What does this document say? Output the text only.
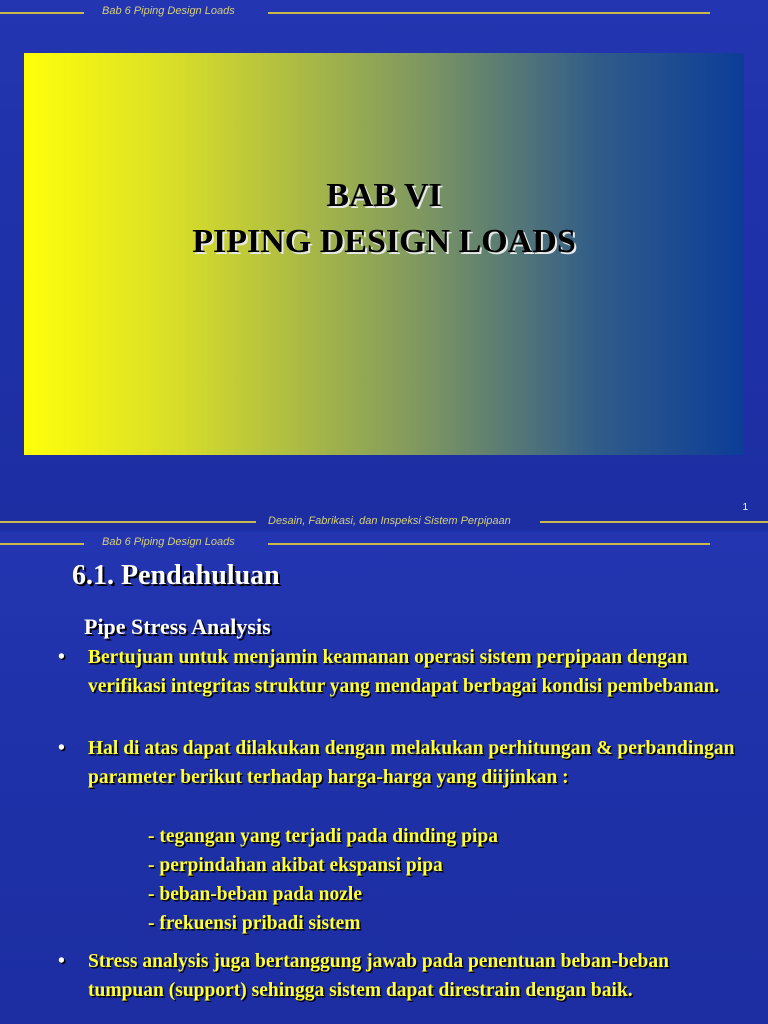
Bab 6 Piping Design Loads
BAB VI
PIPING DESIGN LOADS
1
Desain, Fabrikasi, dan Inspeksi Sistem Perpipaan
Bab 6 Piping Design Loads
6.1. Pendahuluan
Pipe Stress Analysis
•	Bertujuan untuk menjamin keamanan operasi sistem perpipaan dengan verifikasi integritas struktur yang mendapat berbagai kondisi pembebanan.
•	Hal di atas dapat dilakukan dengan melakukan perhitungan & perbandingan parameter berikut terhadap harga-harga yang diijinkan :
- tegangan yang terjadi pada dinding pipa
- perpindahan akibat ekspansi pipa
- beban-beban pada nozle
- frekuensi pribadi sistem
•	Stress analysis juga bertanggung jawab pada penentuan beban-beban tumpuan (support) sehingga sistem dapat direstrain dengan baik.
